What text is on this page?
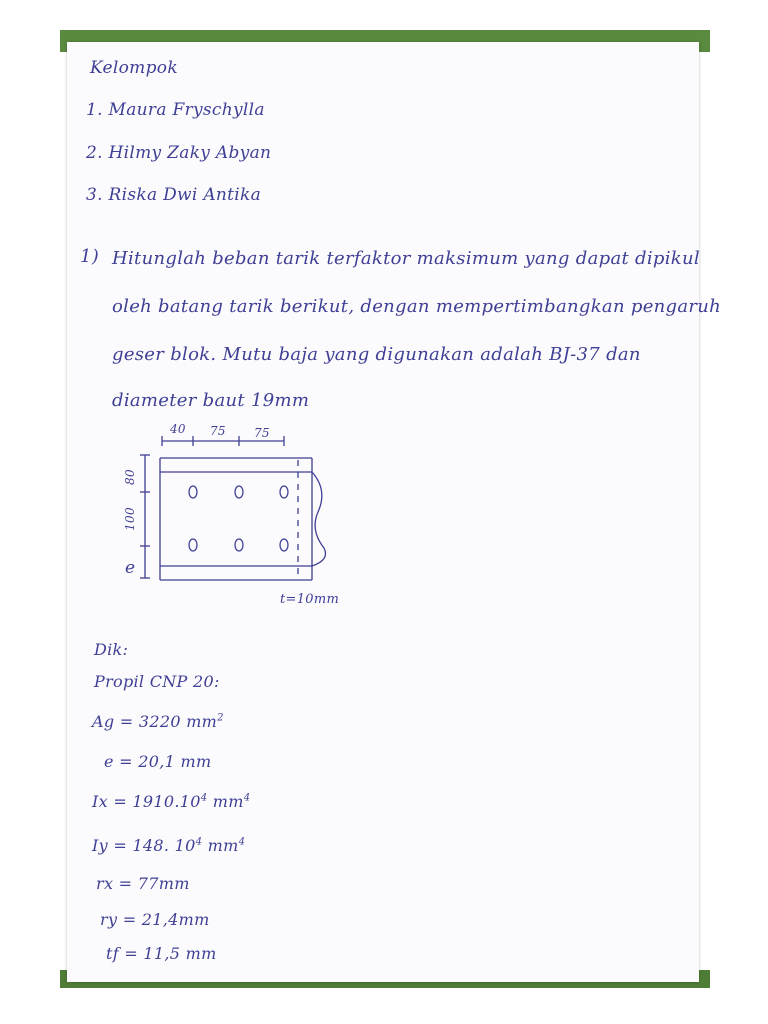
Kelompok
1. Maura Fryschylla
2. Hilmy Zaky Abyan
3. Riska Dwi Antika
1) Hitunglah beban tarik terfaktor maksimum yang dapat dipikul
oleh batang tarik berikut, dengan mempertimbangkan pengaruh
geser blok. Mutu baja yang digunakan adalah BJ-37 dan
diameter baut 19mm
40 75 75
80
100
e
t=10mm
Dik:
Propil CNP 20:
Ag = 3220 $mm^2$
e = 20,1 mm
$Ix = 1910.10^4$ $mm^4$
Iy = 148. $10^4$ $mm^4$
rx = 77mm
ry = 21,4mm
tf = 11,5 mm
